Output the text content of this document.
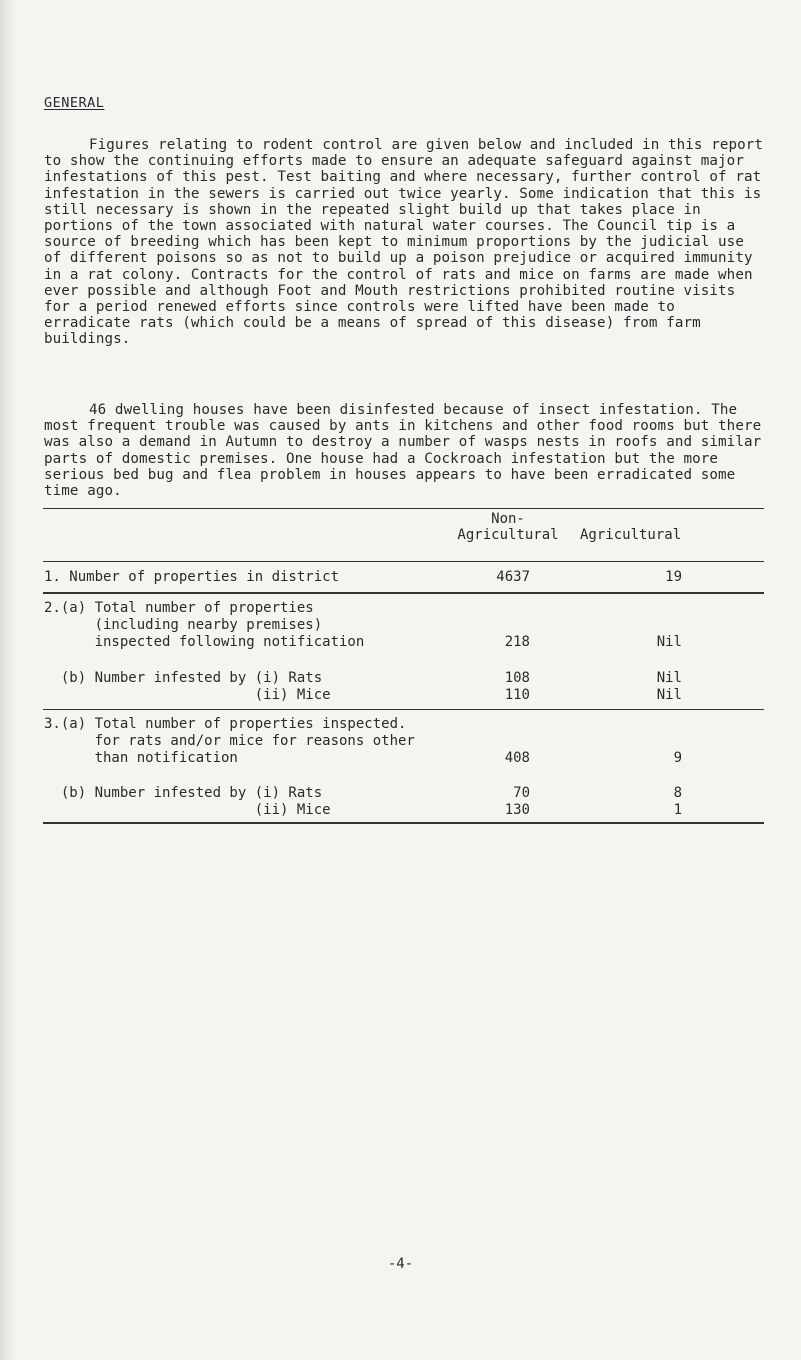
GENERAL
Figures relating to rodent control are given below and included in this report to show the continuing efforts made to ensure an adequate safeguard against major infestations of this pest. Test baiting and where necessary, further control of rat infestation in the sewers is carried out twice yearly. Some indication that this is still necessary is shown in the repeated slight build up that takes place in portions of the town associated with natural water courses. The Council tip is a source of breeding which has been kept to minimum proportions by the judicial use of different poisons so as not to build up a poison prejudice or acquired immunity in a rat colony. Contracts for the control of rats and mice on farms are made when ever possible and although Foot and Mouth restrictions prohibited routine visits for a period renewed efforts since controls were lifted have been made to erradicate rats (which could be a means of spread of this disease) from farm buildings.
46 dwelling houses have been disinfested because of insect infestation. The most frequent trouble was caused by ants in kitchens and other food rooms but there was also a demand in Autumn to destroy a number of wasps nests in roofs and similar parts of domestic premises. One house had a Cockroach infestation but the more serious bed bug and flea problem in houses appears to have been erradicated some time ago.
Non-Agricultural	Agricultural
1. Number of properties in district	4637	19
2.(a) Total number of properties
(including nearby premises)
inspected following notification	218	Nil
(b) Number infested by (i) Rats	108	Nil
(ii) Mice	110	Nil
3.(a) Total number of properties inspected.
for rats and/or mice for reasons other
than notification	408	9
(b) Number infested by (i) Rats	70	8
(ii) Mice	130	1
-4-
